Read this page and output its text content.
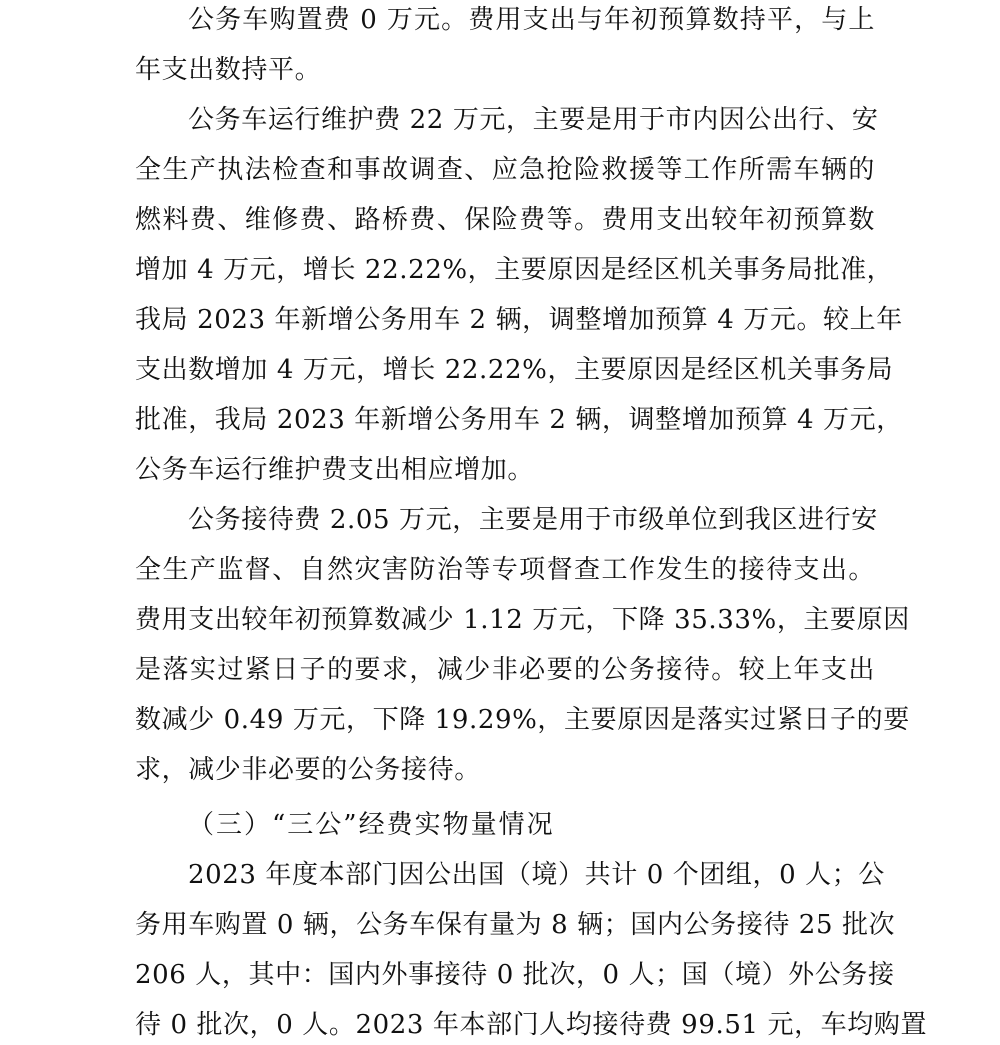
公务车购置费 0 万元。费用支出与年初预算数持平，与上
年支出数持平。
公务车运行维护费 22 万元，主要是用于市内因公出行、安
全生产执法检查和事故调查、应急抢险救援等工作所需车辆的
燃料费、维修费、路桥费、保险费等。费用支出较年初预算数
增加 4 万元，增长 22.22%，主要原因是经区机关事务局批准，
我局 2023 年新增公务用车 2 辆，调整增加预算 4 万元。较上年
支出数增加 4 万元，增长 22.22%，主要原因是经区机关事务局
批准，我局 2023 年新增公务用车 2 辆，调整增加预算 4 万元，
公务车运行维护费支出相应增加。
公务接待费 2.05 万元，主要是用于市级单位到我区进行安
全生产监督、自然灾害防治等专项督查工作发生的接待支出。
费用支出较年初预算数减少 1.12 万元，下降 35.33%，主要原因
是落实过紧日子的要求，减少非必要的公务接待。较上年支出
数减少 0.49 万元，下降 19.29%，主要原因是落实过紧日子的要
求，减少非必要的公务接待。
（三）“三公”经费实物量情况
2023 年度本部门因公出国（境）共计 0 个团组，0 人；公
务用车购置 0 辆，公务车保有量为 8 辆；国内公务接待 25 批次
206 人，其中：国内外事接待 0 批次，0 人；国（境）外公务接
待 0 批次，0 人。2023 年本部门人均接待费 99.51 元，车均购置
